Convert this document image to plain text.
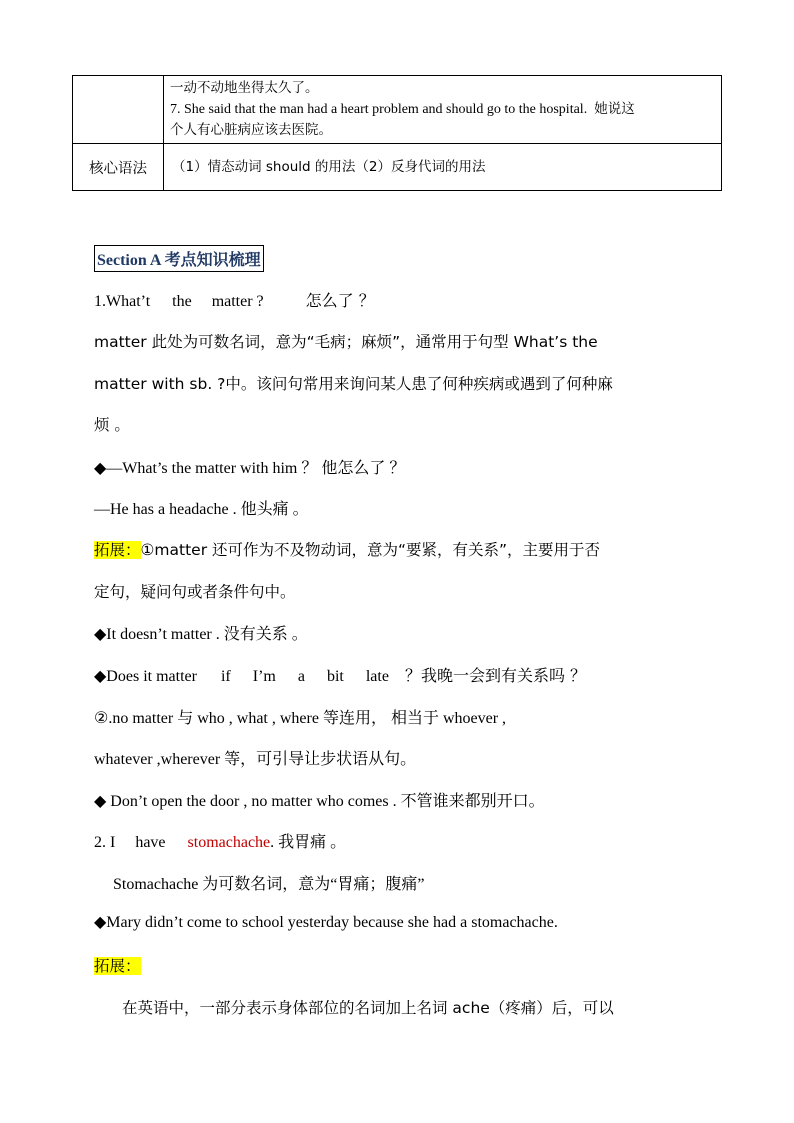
	一动不动地坐得太久了。
7. She said that the man had a heart problem and should go to the hospital. 她说这
个人有心脏病应该去医院。

核心语法	（1）情态动词 should 的用法（2）反身代词的用法
Section A 考点知识梳理
1.What’t the matter ?	怎么了 ？
matter 此处为可数名词，意为“毛病；麻烦”，通常用于句型 What’s the
matter with sb. ?中。该问句常用来询问某人患了何种疾病或遇到了何种麻
烦 。
◆—What’s the matter with him ？ 他怎么了 ？
—He has a headache . 他头痛 。
拓展：①matter 还可作为不及物动词，意为“要紧，有关系”，主要用于否
定句，疑问句或者条件句中。
◆It doesn’t matter . 没有关系 。
◆Does it matter if I’m a bit late ？我晚一会到有关系吗 ？
②.no matter 与 who , what , where 等连用， 相当于 whoever ,
whatever ,wherever 等，可引导让步状语从句。
◆ Don’t open the door , no matter who comes . 不管谁来都别开口。
2. I have stomachache. 我胃痛 。
Stomachache 为可数名词，意为“胃痛；腹痛”
◆Mary didn’t come to school yesterday because she had a stomachache.
拓展：
在英语中，一部分表示身体部位的名词加上名词 ache（疼痛）后，可以
